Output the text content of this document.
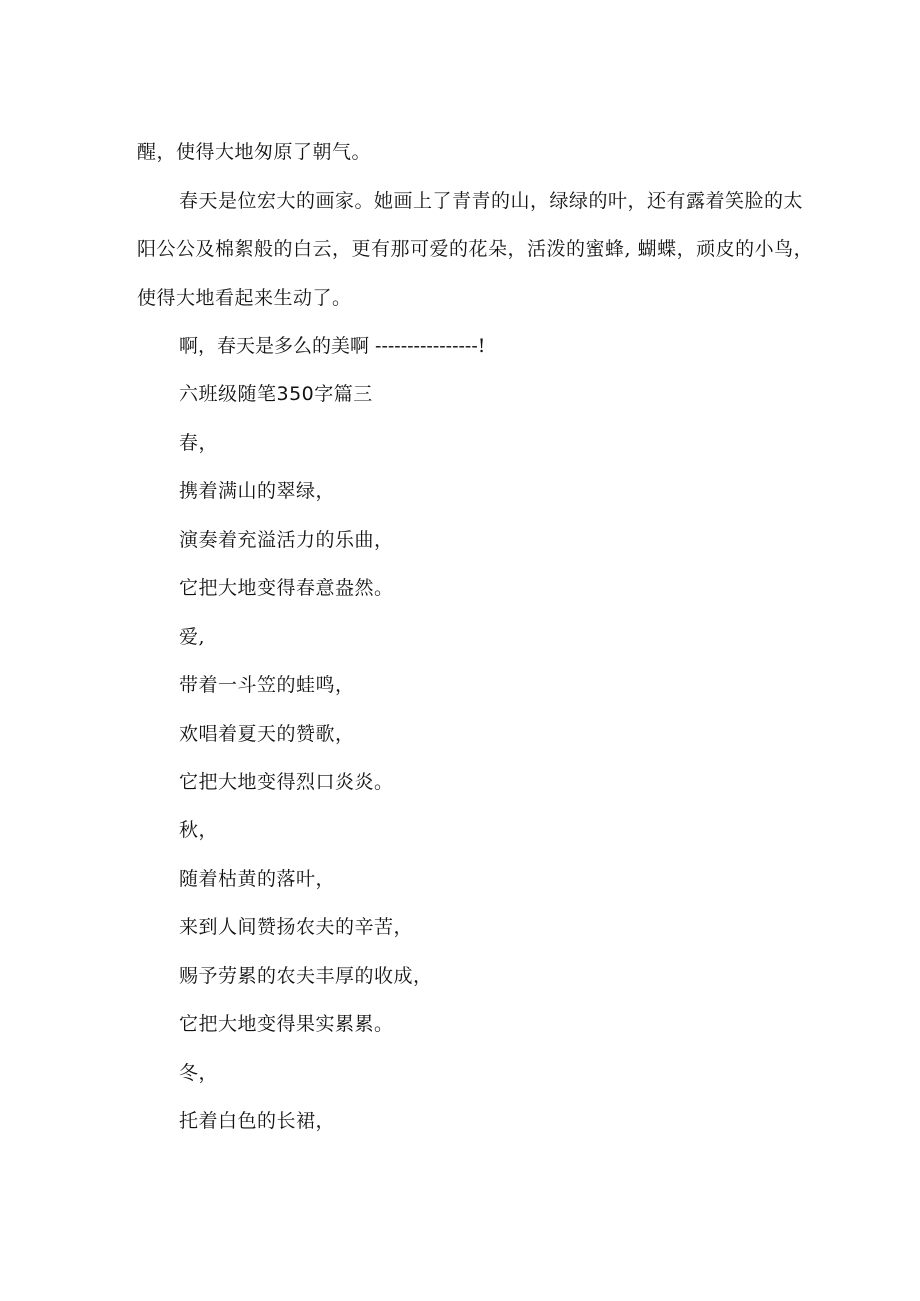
醒，使得大地匆原了朝气。
春天是位宏大的画家。她画上了青青的山，绿绿的叶，还有露着笑脸的太
阳公公及棉絮般的白云，更有那可爱的花朵，活泼的蜜蜂, 蝴蝶，顽皮的小鸟，
使得大地看起来生动了。
啊，春天是多么的美啊 ----------------!
六班级随笔350字篇三
春，
携着满山的翠绿，
演奏着充溢活力的乐曲，
它把大地变得春意盎然。
爱,
带着一斗笠的蛙鸣，
欢唱着夏天的赞歌，
它把大地变得烈口炎炎。
秋，
随着枯黄的落叶，
来到人间赞扬农夫的辛苦，
赐予劳累的农夫丰厚的收成，
它把大地变得果实累累。
冬，
托着白色的长裙，
